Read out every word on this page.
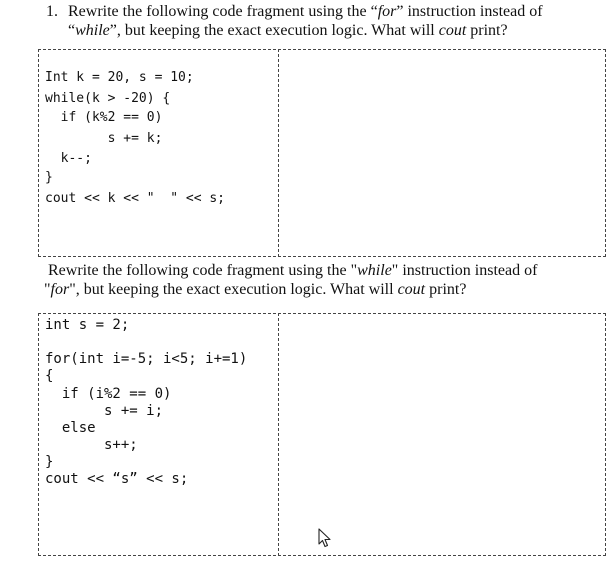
1. Rewrite the following code fragment using the “for” instruction instead of
“while”, but keeping the exact execution logic. What will cout print?
Int k = 20, s = 10;
while(k > -20) {
if (k%2 == 0)
s += k;
k--;
}
cout << k << "  " << s;
Rewrite the following code fragment using the "while" instruction instead of
"for", but keeping the exact execution logic. What will cout print?
int s = 2;
for(int i=-5; i<5; i+=1)
{
if (i%2 == 0)
s += i;
else
s++;
}
cout << “s” << s;
